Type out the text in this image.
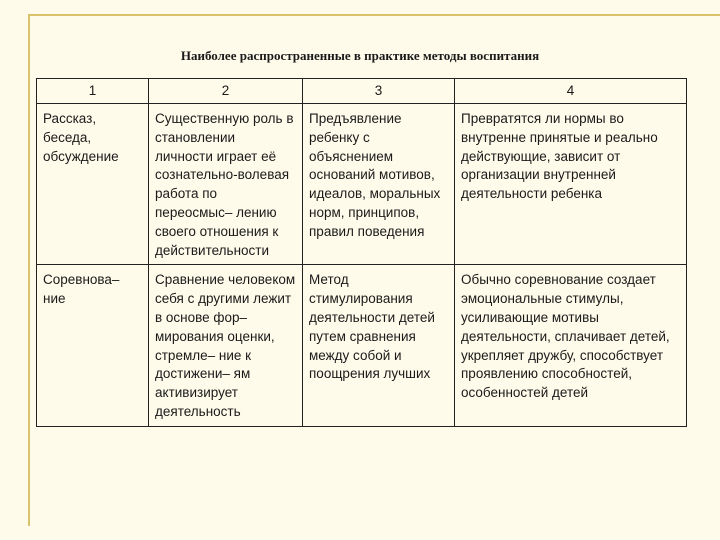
Наиболее распространенные в практике методы воспитания
1	2	3	4
Рассказ, беседа, обсуждение	Существенную роль в становлении личности играет её сознательно-волевая работа по переосмыс– лению своего отношения к действительности	Предъявление ребенку с объяснением оснований мотивов, идеалов, моральных норм, принципов, правил поведения	Превратятся ли нормы во внутренне принятые и реально действующие, зависит от организации внутренней деятельности ребенка
Соревнова– ние	Сравнение человеком себя с другими лежит в основе фор– мирования оценки, стремле– ние к достижени– ям активизирует деятельность	Метод стимулирования деятельности детей путем сравнения между собой и поощрения лучших	Обычно соревнование создает эмоциональные стимулы, усиливающие мотивы деятельности, сплачивает детей, укрепляет дружбу, способствует проявлению способностей, особенностей детей
